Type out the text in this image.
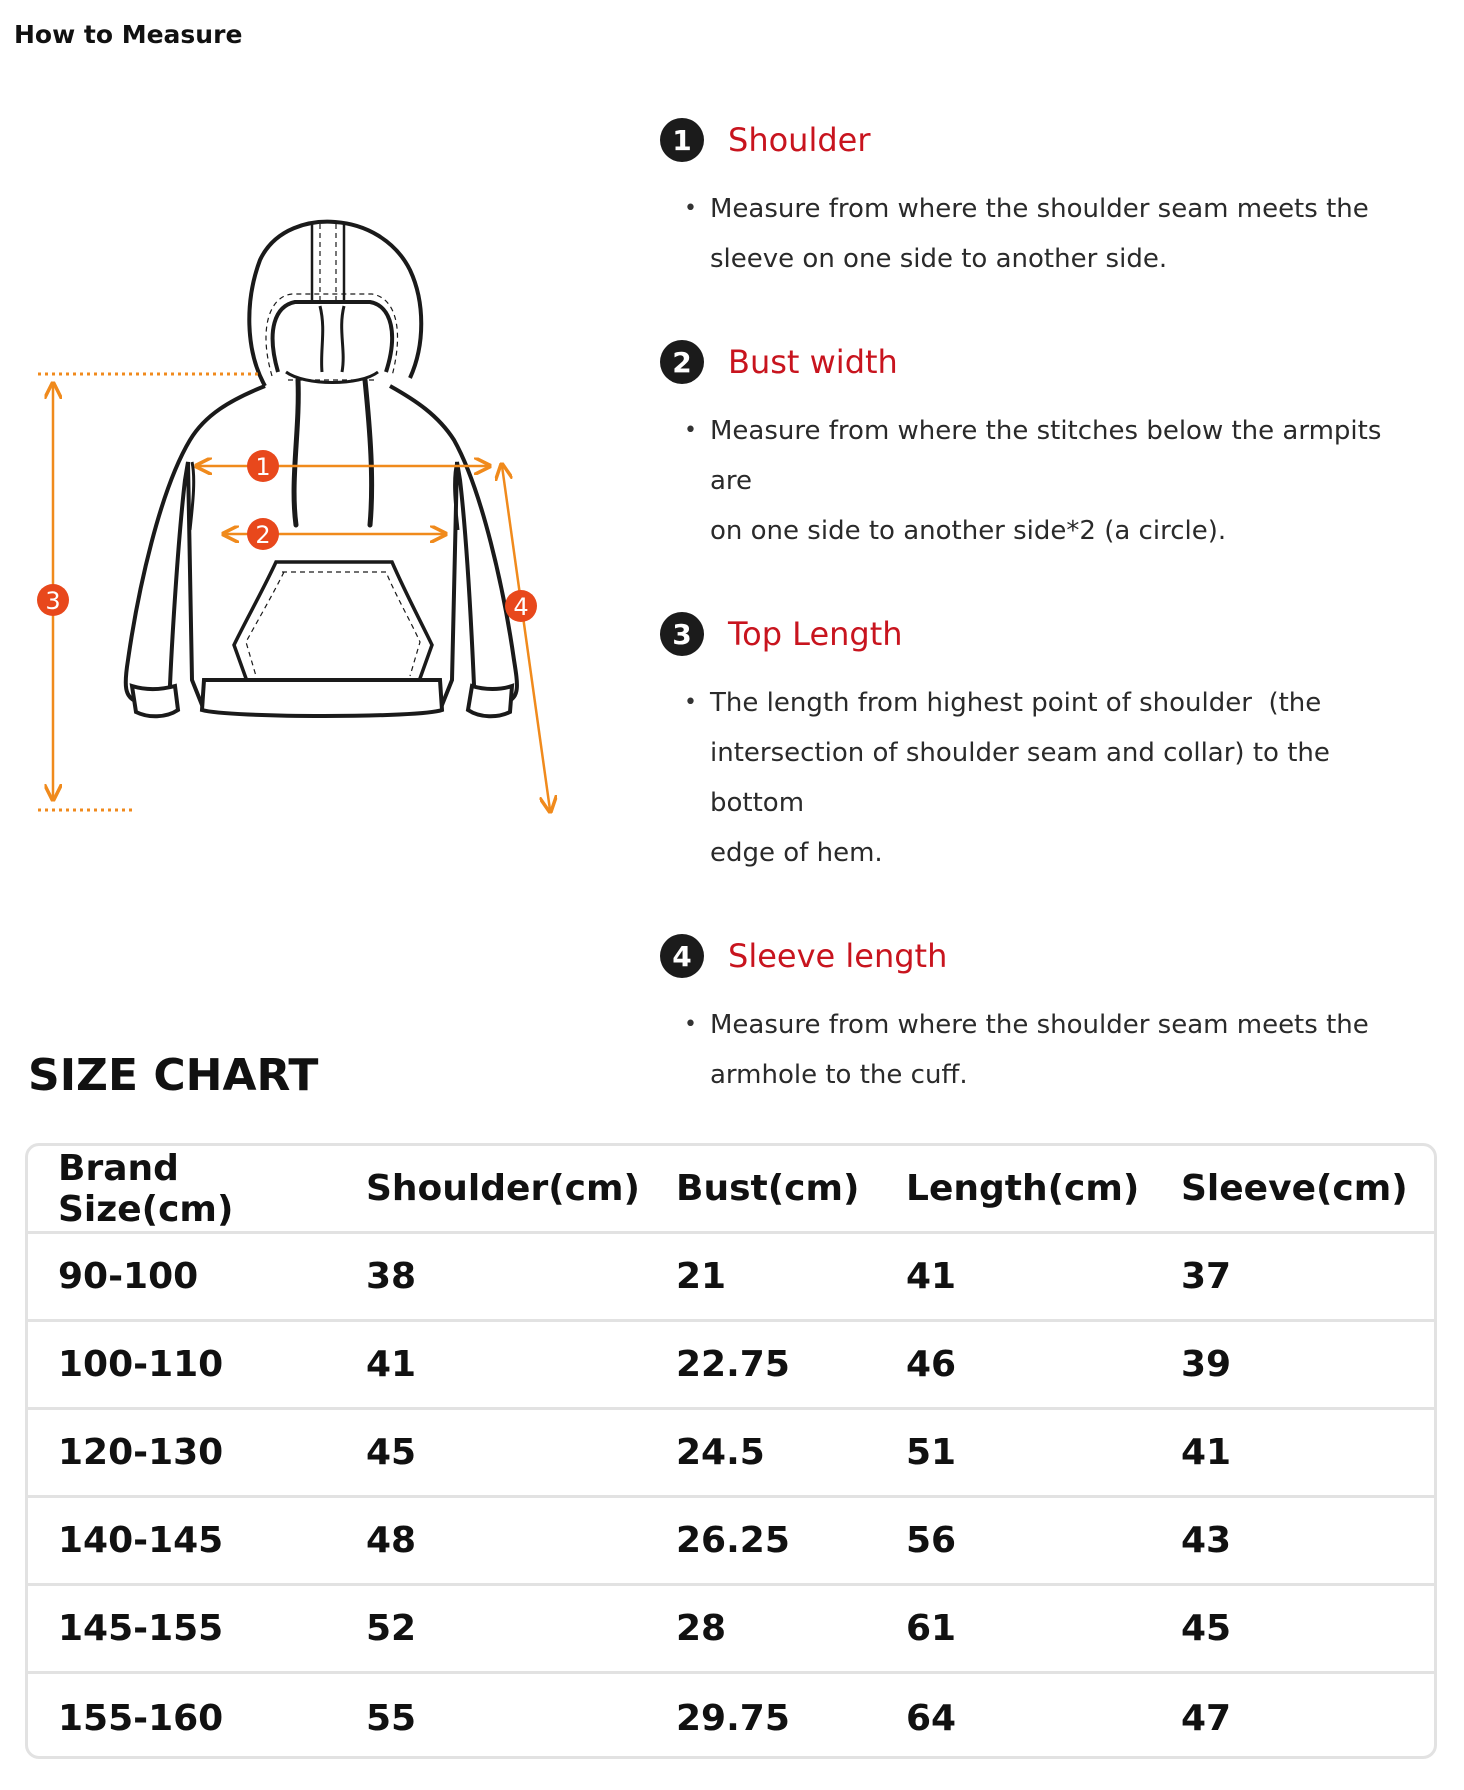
How to Measure
1
2
3	4
1	Shoulder
• Measure from where the shoulder seam meets the
sleeve on one side to another side.
2	Bust width
• Measure from where the stitches below the armpits are
on one side to another side*2 (a circle).
3	Top Length
• The length from highest point of shoulder  (the
intersection of shoulder seam and collar) to the bottom
edge of hem.
4	Sleeve length
• Measure from where the shoulder seam meets the
armhole to the cuff.
SIZE CHART
Brand Size(cm)	Shoulder(cm)	Bust(cm)	Length(cm)	Sleeve(cm)
90-100	38	21	41	37
100-110	41	22.75	46	39
120-130	45	24.5	51	41
140-145	48	26.25	56	43
145-155	52	28	61	45
155-160	55	29.75	64	47
